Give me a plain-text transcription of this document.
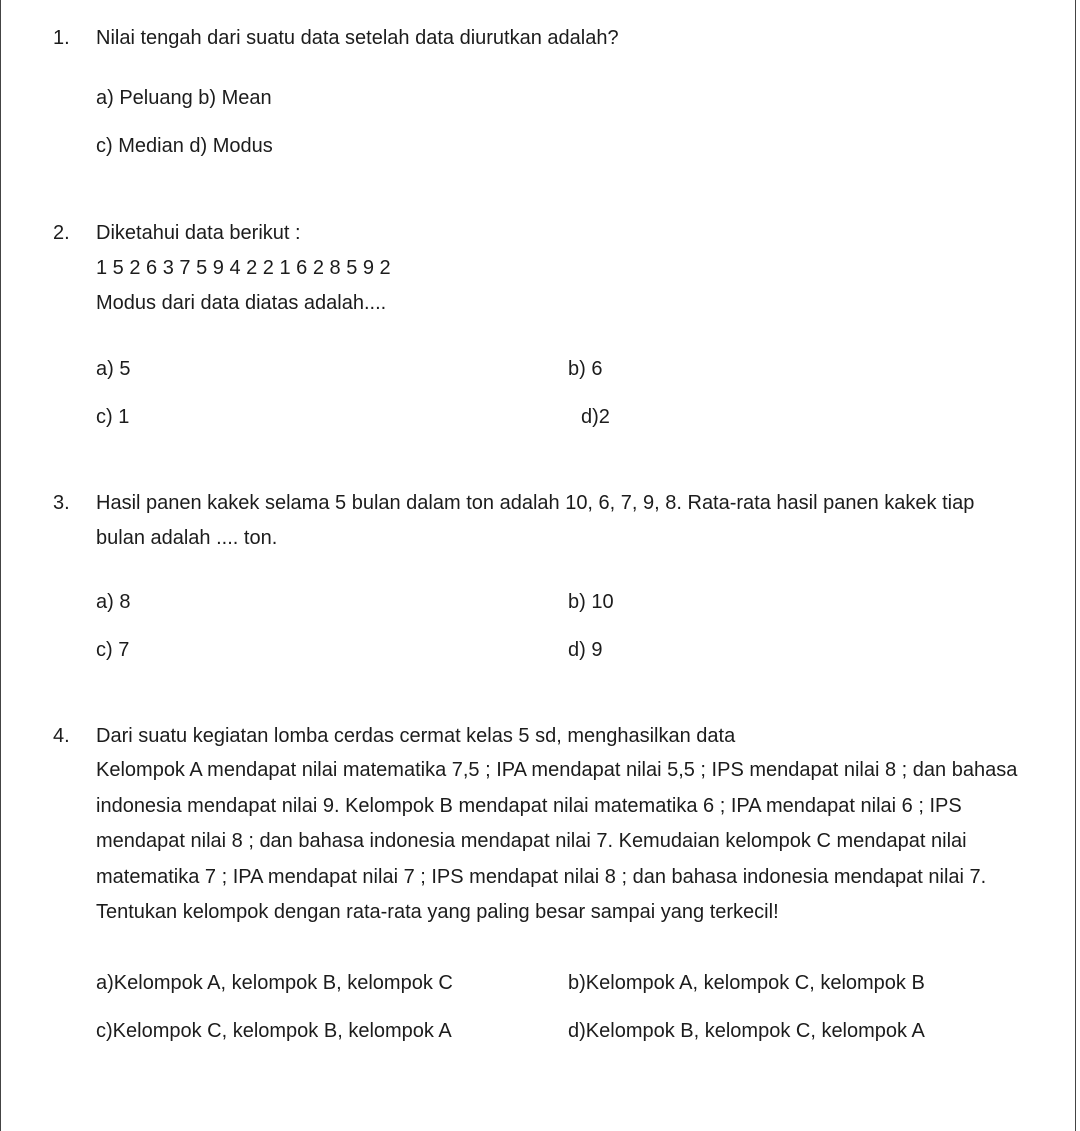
1. Nilai tengah dari suatu data setelah data diurutkan adalah?
a) Peluang b) Mean
c) Median d) Modus
2. Diketahui data berikut :
1 5 2 6 3 7 5 9 4 2 2 1 6 2 8 5 9 2
Modus dari data diatas adalah....
a) 5	b) 6
c) 1	d)2
3. Hasil panen kakek selama 5 bulan dalam ton adalah 10, 6, 7, 9, 8. Rata-rata hasil panen kakek tiap
bulan adalah .... ton.
a) 8	b) 10
c) 7	d) 9
4. Dari suatu kegiatan lomba cerdas cermat kelas 5 sd, menghasilkan data
Kelompok A mendapat nilai matematika 7,5 ; IPA mendapat nilai 5,5 ; IPS mendapat nilai 8 ; dan bahasa indonesia mendapat nilai 9. Kelompok B mendapat nilai matematika 6 ; IPA mendapat nilai 6 ; IPS mendapat nilai 8 ; dan bahasa indonesia mendapat nilai 7. Kemudaian kelompok C mendapat nilai matematika 7 ; IPA mendapat nilai 7 ; IPS mendapat nilai 8 ; dan bahasa indonesia mendapat nilai 7. Tentukan kelompok dengan rata-rata yang paling besar sampai yang terkecil!
a)Kelompok A, kelompok B, kelompok C	b)Kelompok A, kelompok C, kelompok B
c)Kelompok C, kelompok B, kelompok A	d)Kelompok B, kelompok C, kelompok A
